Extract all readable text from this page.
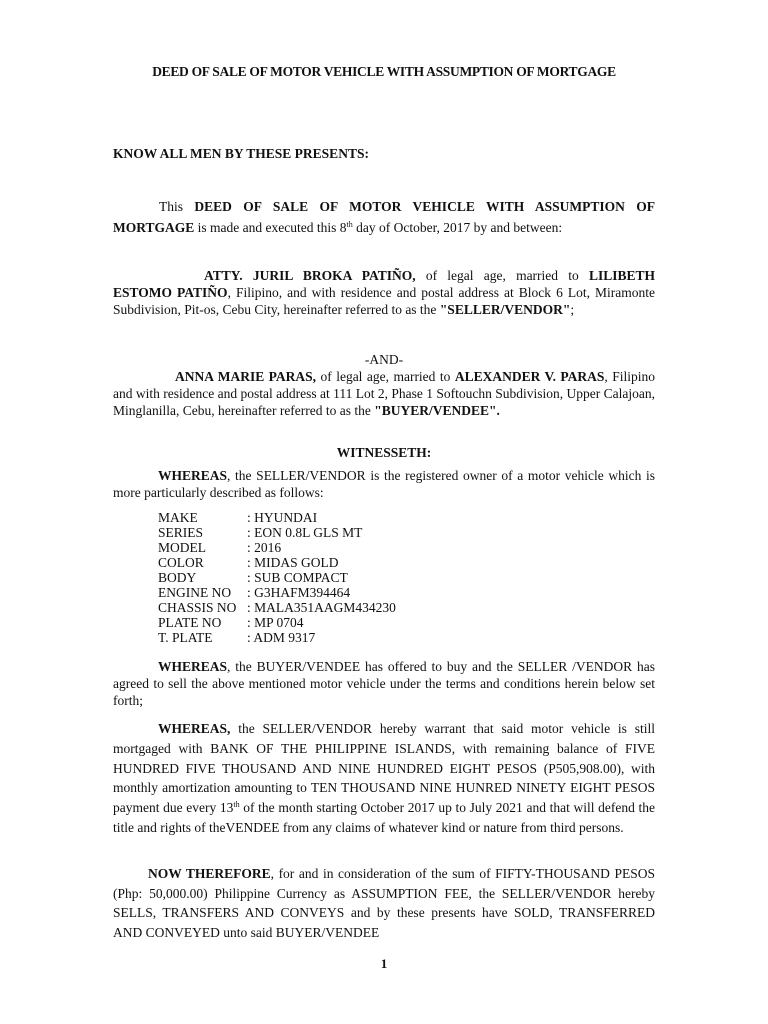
DEED OF SALE OF MOTOR VEHICLE WITH ASSUMPTION OF MORTGAGE

KNOW ALL MEN BY THESE PRESENTS:

This DEED OF SALE OF MOTOR VEHICLE WITH ASSUMPTION OF MORTGAGE is made and executed this 8th day of October, 2017 by and between:

ATTY. JURIL BROKA PATIÑO, of legal age, married to LILIBETH ESTOMO PATIÑO, Filipino, and with residence and postal address at Block 6 Lot, Miramonte Subdivision, Pit-os, Cebu City, hereinafter referred to as the "SELLER/VENDOR";

-AND-

ANNA MARIE PARAS, of legal age, married to ALEXANDER V. PARAS, Filipino and with residence and postal address at 111 Lot 2, Phase 1 Softouchn Subdivision, Upper Calajoan, Minglanilla, Cebu, hereinafter referred to as the "BUYER/VENDEE".

WITNESSETH:

WHEREAS, the SELLER/VENDOR is the registered owner of a motor vehicle which is more particularly described as follows:

MAKE	: HYUNDAI
SERIES	: EON 0.8L GLS MT
MODEL	: 2016
COLOR	: MIDAS GOLD
BODY	: SUB COMPACT
ENGINE NO	: G3HAFM394464
CHASSIS NO : MALA351AAGM434230
PLATE NO	: MP 0704
T. PLATE	: ADM 9317

WHEREAS, the BUYER/VENDEE has offered to buy and the SELLER /VENDOR has agreed to sell the above mentioned motor vehicle under the terms and conditions herein below set forth;

WHEREAS, the SELLER/VENDOR hereby warrant that said motor vehicle is still mortgaged with BANK OF THE PHILIPPINE ISLANDS, with remaining balance of FIVE HUNDRED FIVE THOUSAND AND NINE HUNDRED EIGHT PESOS (P505,908.00), with monthly amortization amounting to TEN THOUSAND NINE HUNRED NINETY EIGHT PESOS payment due every 13th of the month starting October 2017 up to July 2021 and that will defend the title and rights of theVENDEE from any claims of whatever kind or nature from third persons.

NOW THEREFORE, for and in consideration of the sum of FIFTY-THOUSAND PESOS (Php: 50,000.00) Philippine Currency as ASSUMPTION FEE, the SELLER/VENDOR hereby SELLS, TRANSFERS AND CONVEYS and by these presents have SOLD, TRANSFERRED AND CONVEYED unto said BUYER/VENDEE

1
